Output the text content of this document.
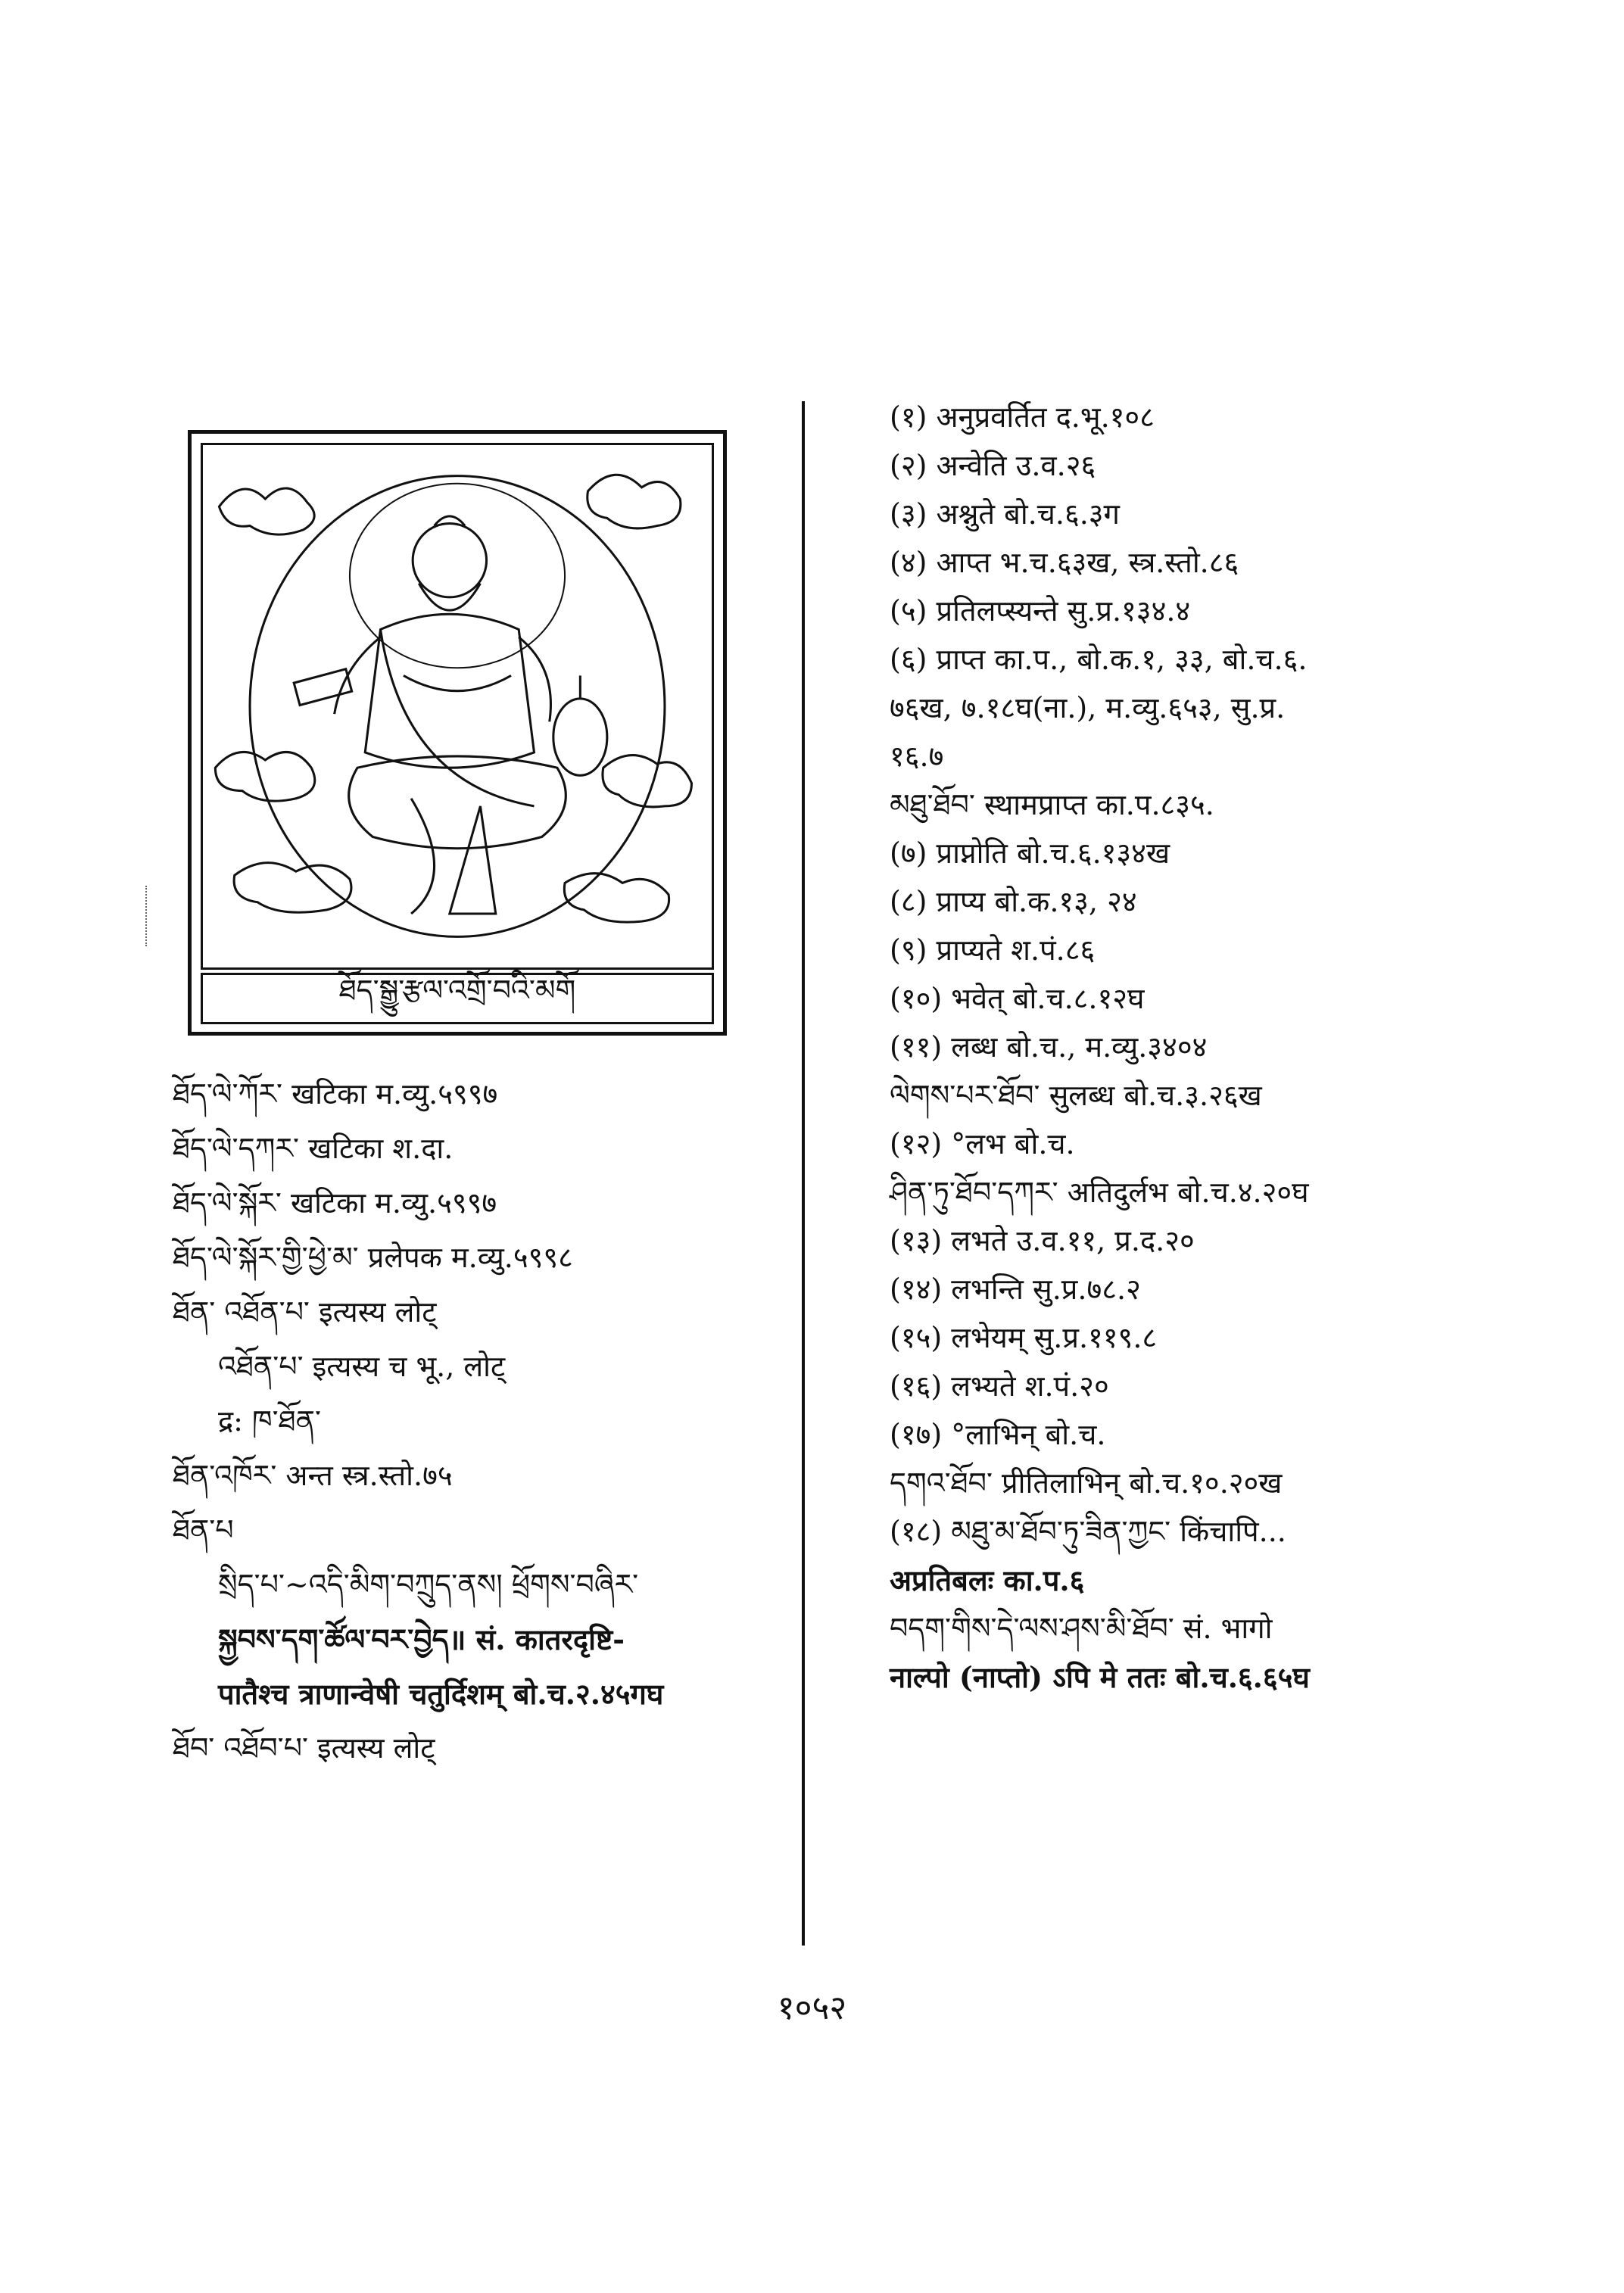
ཐོད་སྒྱུ་རྩལ་འགྲོ་བའི་མགོ
ཐོད་ལེ་ཀོར་ खटिका म.व्यु.५९९७
ཐོད་ལེ་དཀར་ खटिका श.दा.
ཐོད་ལེ་སྐོར་ खटिका म.व्यु.५९९७
ཐོད་ལེ་སྐོར་གྱི་ཕྱེ་མ་ प्रलेपक म.व्यु.५९९८
ཐོན་ འཐོན་པ་ इत्यस्य लोट्
འཐོན་པ་ इत्यस्य च भू., लोट्
द्र: ཁ་ཐོན་
ཐོན་འཁོར་ अन्त स्त्र.स्तो.७५
ཐོན་པ
སྲིད་པ་~འདི་མིག་བཀྲུད་ནས། ཕྲོགས་བཞིར་
སྐྱབས་དག་ཚོལ་བར་བྱེད॥ सं. कातरदृष्टि-
पातैश्च त्राणान्वेषी चतुर्दिशम् बो.च.२.४५गघ
ཐོབ་ འཐོབ་པ་ इत्यस्य लोट्
(१) अनुप्रवर्तित द.भू.१०८
(२) अन्वेति उ.व.२६
(३) अश्नुते बो.च.६.३ग
(४) आप्त भ.च.६३ख, स्त्र.स्तो.८६
(५) प्रतिलप्स्यन्ते सु.प्र.१३४.४
(६) प्राप्त का.प., बो.क.१, ३३, बो.च.६.
७६ख, ७.१८घ(ना.), म.व्यु.६५३, सु.प्र.
१६.७
མཐུ་ཐོབ་ स्थामप्राप्त का.प.८३५.
(७) प्राप्नोति बो.च.६.१३४ख
(८) प्राप्य बो.क.१३, २४
(९) प्राप्यते श.पं.८६
(१०) भवेत् बो.च.८.१२घ
(११) लब्ध बो.च., म.व्यु.३४०४
ལེགས་པར་ཐོབ་ सुलब्ध बो.च.३.२६ख
(१२) °लभ बो.च.
ཤིན་ཏུ་ཐོབ་དཀར་ अतिदुर्लभ बो.च.४.२०घ
(१३) लभते उ.व.११, प्र.द.२०
(१४) लभन्ति सु.प्र.७८.२
(१५) लभेयम् सु.प्र.११९.८
(१६) लभ्यते श.पं.२०
(१७) °लाभिन् बो.च.
དགའ་ཐོབ་ प्रीतिलाभिन् बो.च.१०.२०ख
(१८) མཐུ་མ་ཐོབ་ཏུ་ཟིན་ཀྱང་ किंचापि...
अप्रतिबलः का.प.६
བདག་གིས་དེ་ལས་ཤས་མི་ཐོབ་ सं. भागो
नाल्पो (नाप्तो) ऽपि मे ततः बो.च.६.६५घ
१०५२
